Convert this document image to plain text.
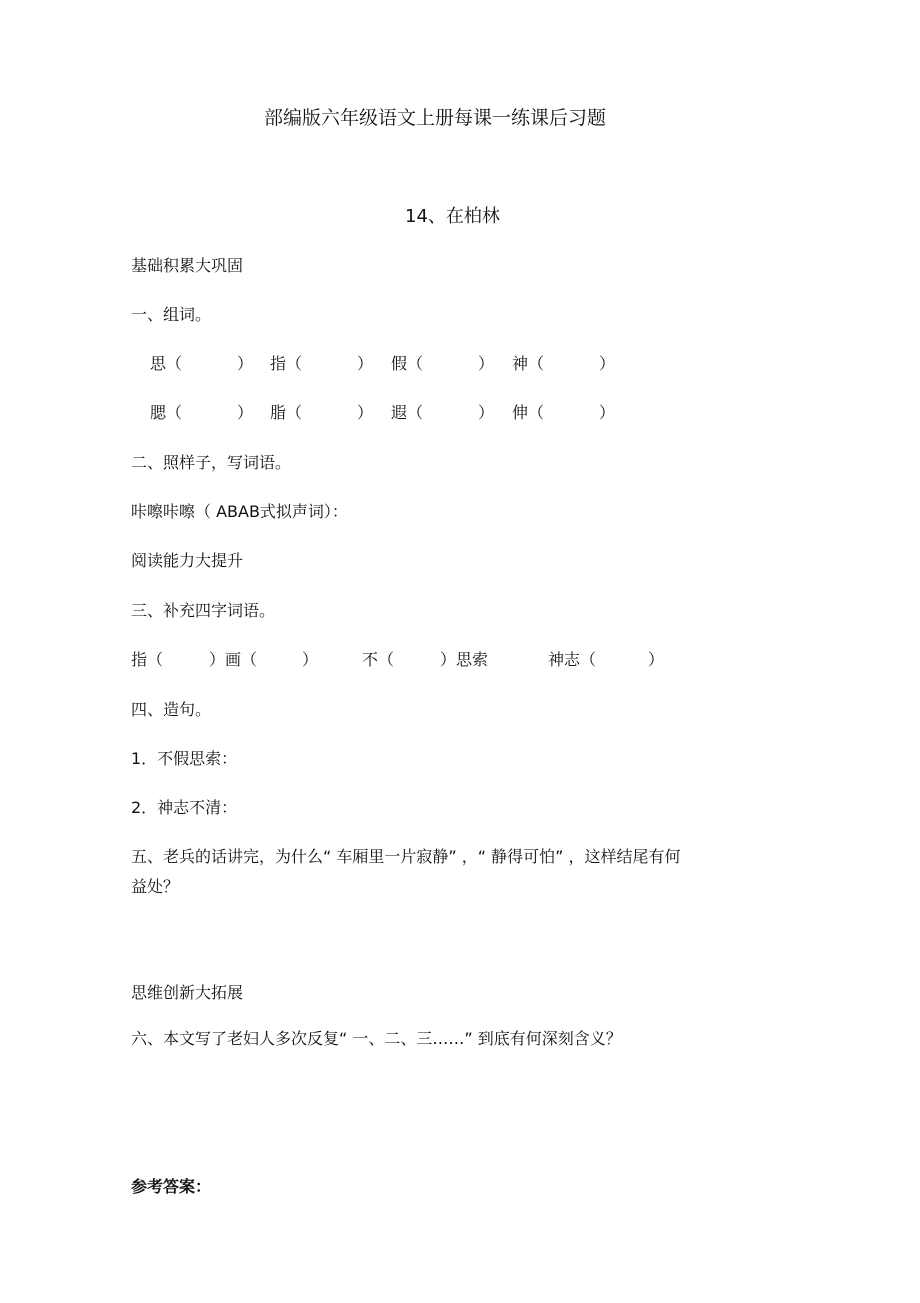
部编版六年级语文上册每课一练课后习题
14、在柏林
基础积累大巩固
一、组词。
思（	） 指（	） 假（	） 神（	）
腮（	） 脂（	） 遐（	） 伸（	）
二、照样子，写词语。
咔嚓咔嚓（ ABAB式拟声词）：
阅读能力大提升
三、补充四字词语。
指（	）画（	）	不（	）思索	神志（	）
四、造句。
1．不假思索：
2．神志不清：
五、老兵的话讲完，为什么“ 车厢里一片寂静” ，“ 静得可怕” ，这样结尾有何
益处？
思维创新大拓展
六、本文写了老妇人多次反复“ 一、二、三……” 到底有何深刻含义？
参考答案：
